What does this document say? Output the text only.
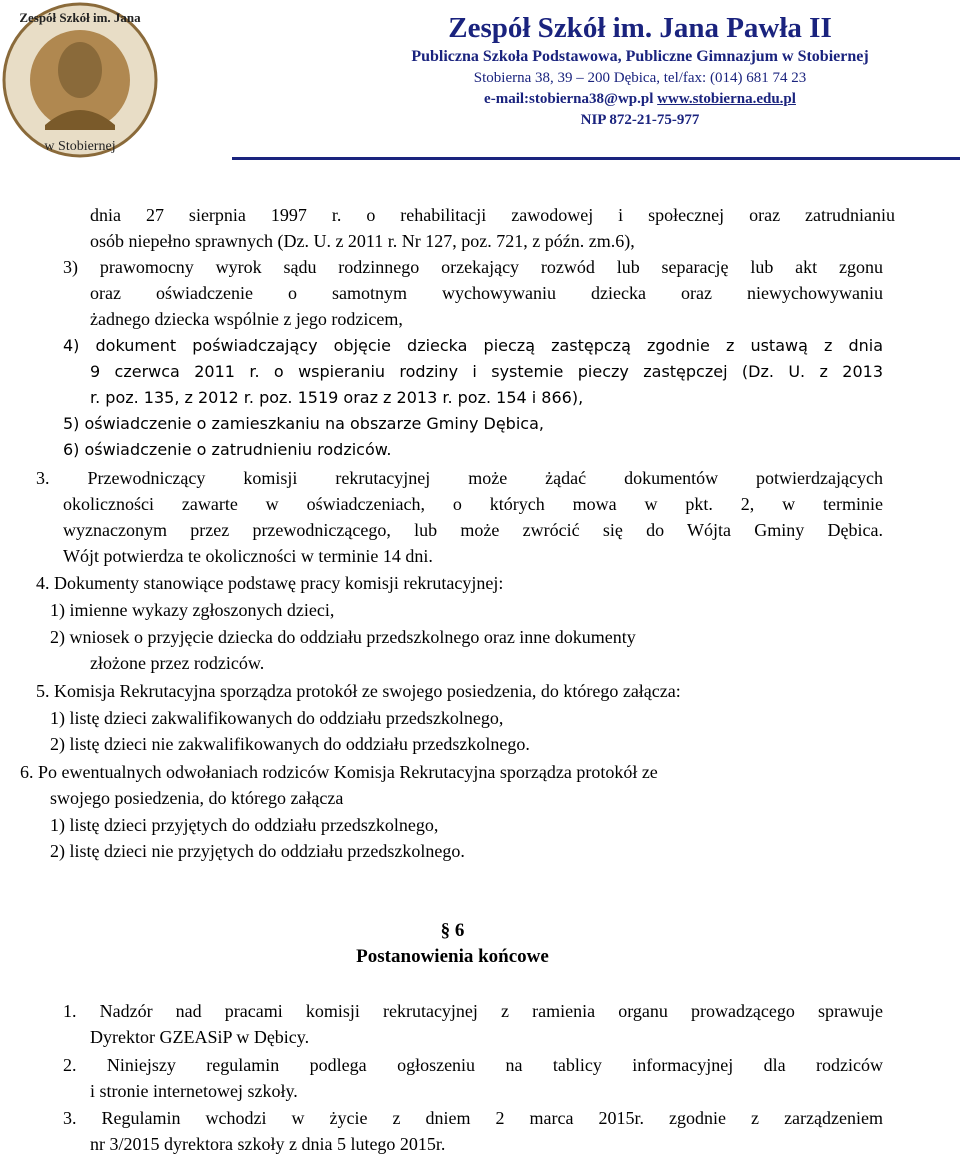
w Stobiernej
Zespół Szkół im. Jana	Zespół Szkół im. Jana Pawła II
Publiczna Szkoła Podstawowa, Publiczne Gimnazjum w Stobiernej
Stobierna 38, 39 – 200 Dębica, tel/fax: (014) 681 74 23
e-mail:stobierna38@wp.pl www.stobierna.edu.pl
NIP 872-21-75-977
dnia 27 sierpnia 1997 r. o rehabilitacji zawodowej i społecznej oraz zatrudnianiu
osób niepełno sprawnych (Dz. U. z 2011 r. Nr 127, poz. 721, z późn. zm.6),
3) prawomocny wyrok sądu rodzinnego orzekający rozwód lub separację lub akt zgonu
oraz oświadczenie o samotnym wychowywaniu dziecka oraz niewychowywaniu
żadnego dziecka wspólnie z jego rodzicem,
4) dokument poświadczający objęcie dziecka pieczą zastępczą zgodnie z ustawą z dnia
9 czerwca 2011 r. o wspieraniu rodziny i systemie pieczy zastępczej (Dz. U. z 2013
r. poz. 135, z 2012 r. poz. 1519 oraz z 2013 r. poz. 154 i 866),
5) oświadczenie o zamieszkaniu na obszarze Gminy Dębica,
6) oświadczenie o zatrudnieniu rodziców.
3. Przewodniczący komisji rekrutacyjnej może żądać dokumentów potwierdzających
okoliczności zawarte w oświadczeniach, o których mowa w pkt. 2, w terminie
wyznaczonym przez przewodniczącego, lub może zwrócić się do Wójta Gminy Dębica.
Wójt potwierdza te okoliczności w terminie 14 dni.
4. Dokumenty stanowiące podstawę pracy komisji rekrutacyjnej:
1) imienne wykazy zgłoszonych dzieci,
2) wniosek o przyjęcie dziecka do oddziału przedszkolnego oraz inne dokumenty
złożone przez rodziców.
5. Komisja Rekrutacyjna sporządza protokół ze swojego posiedzenia, do którego załącza:
1) listę dzieci zakwalifikowanych do oddziału przedszkolnego,
2) listę dzieci nie zakwalifikowanych do oddziału przedszkolnego.
6. Po ewentualnych odwołaniach rodziców Komisja Rekrutacyjna sporządza protokół ze
swojego posiedzenia, do którego załącza
1) listę dzieci przyjętych do oddziału przedszkolnego,
2) listę dzieci nie przyjętych do oddziału przedszkolnego.
§ 6
Postanowienia końcowe
1. Nadzór nad pracami komisji rekrutacyjnej z ramienia organu prowadzącego sprawuje
Dyrektor GZEASiP w Dębicy.
2. Niniejszy regulamin podlega ogłoszeniu na tablicy informacyjnej dla rodziców
i stronie internetowej szkoły.
3. Regulamin wchodzi w życie z dniem 2 marca 2015r. zgodnie z zarządzeniem
nr 3/2015 dyrektora szkoły z dnia 5 lutego 2015r.
